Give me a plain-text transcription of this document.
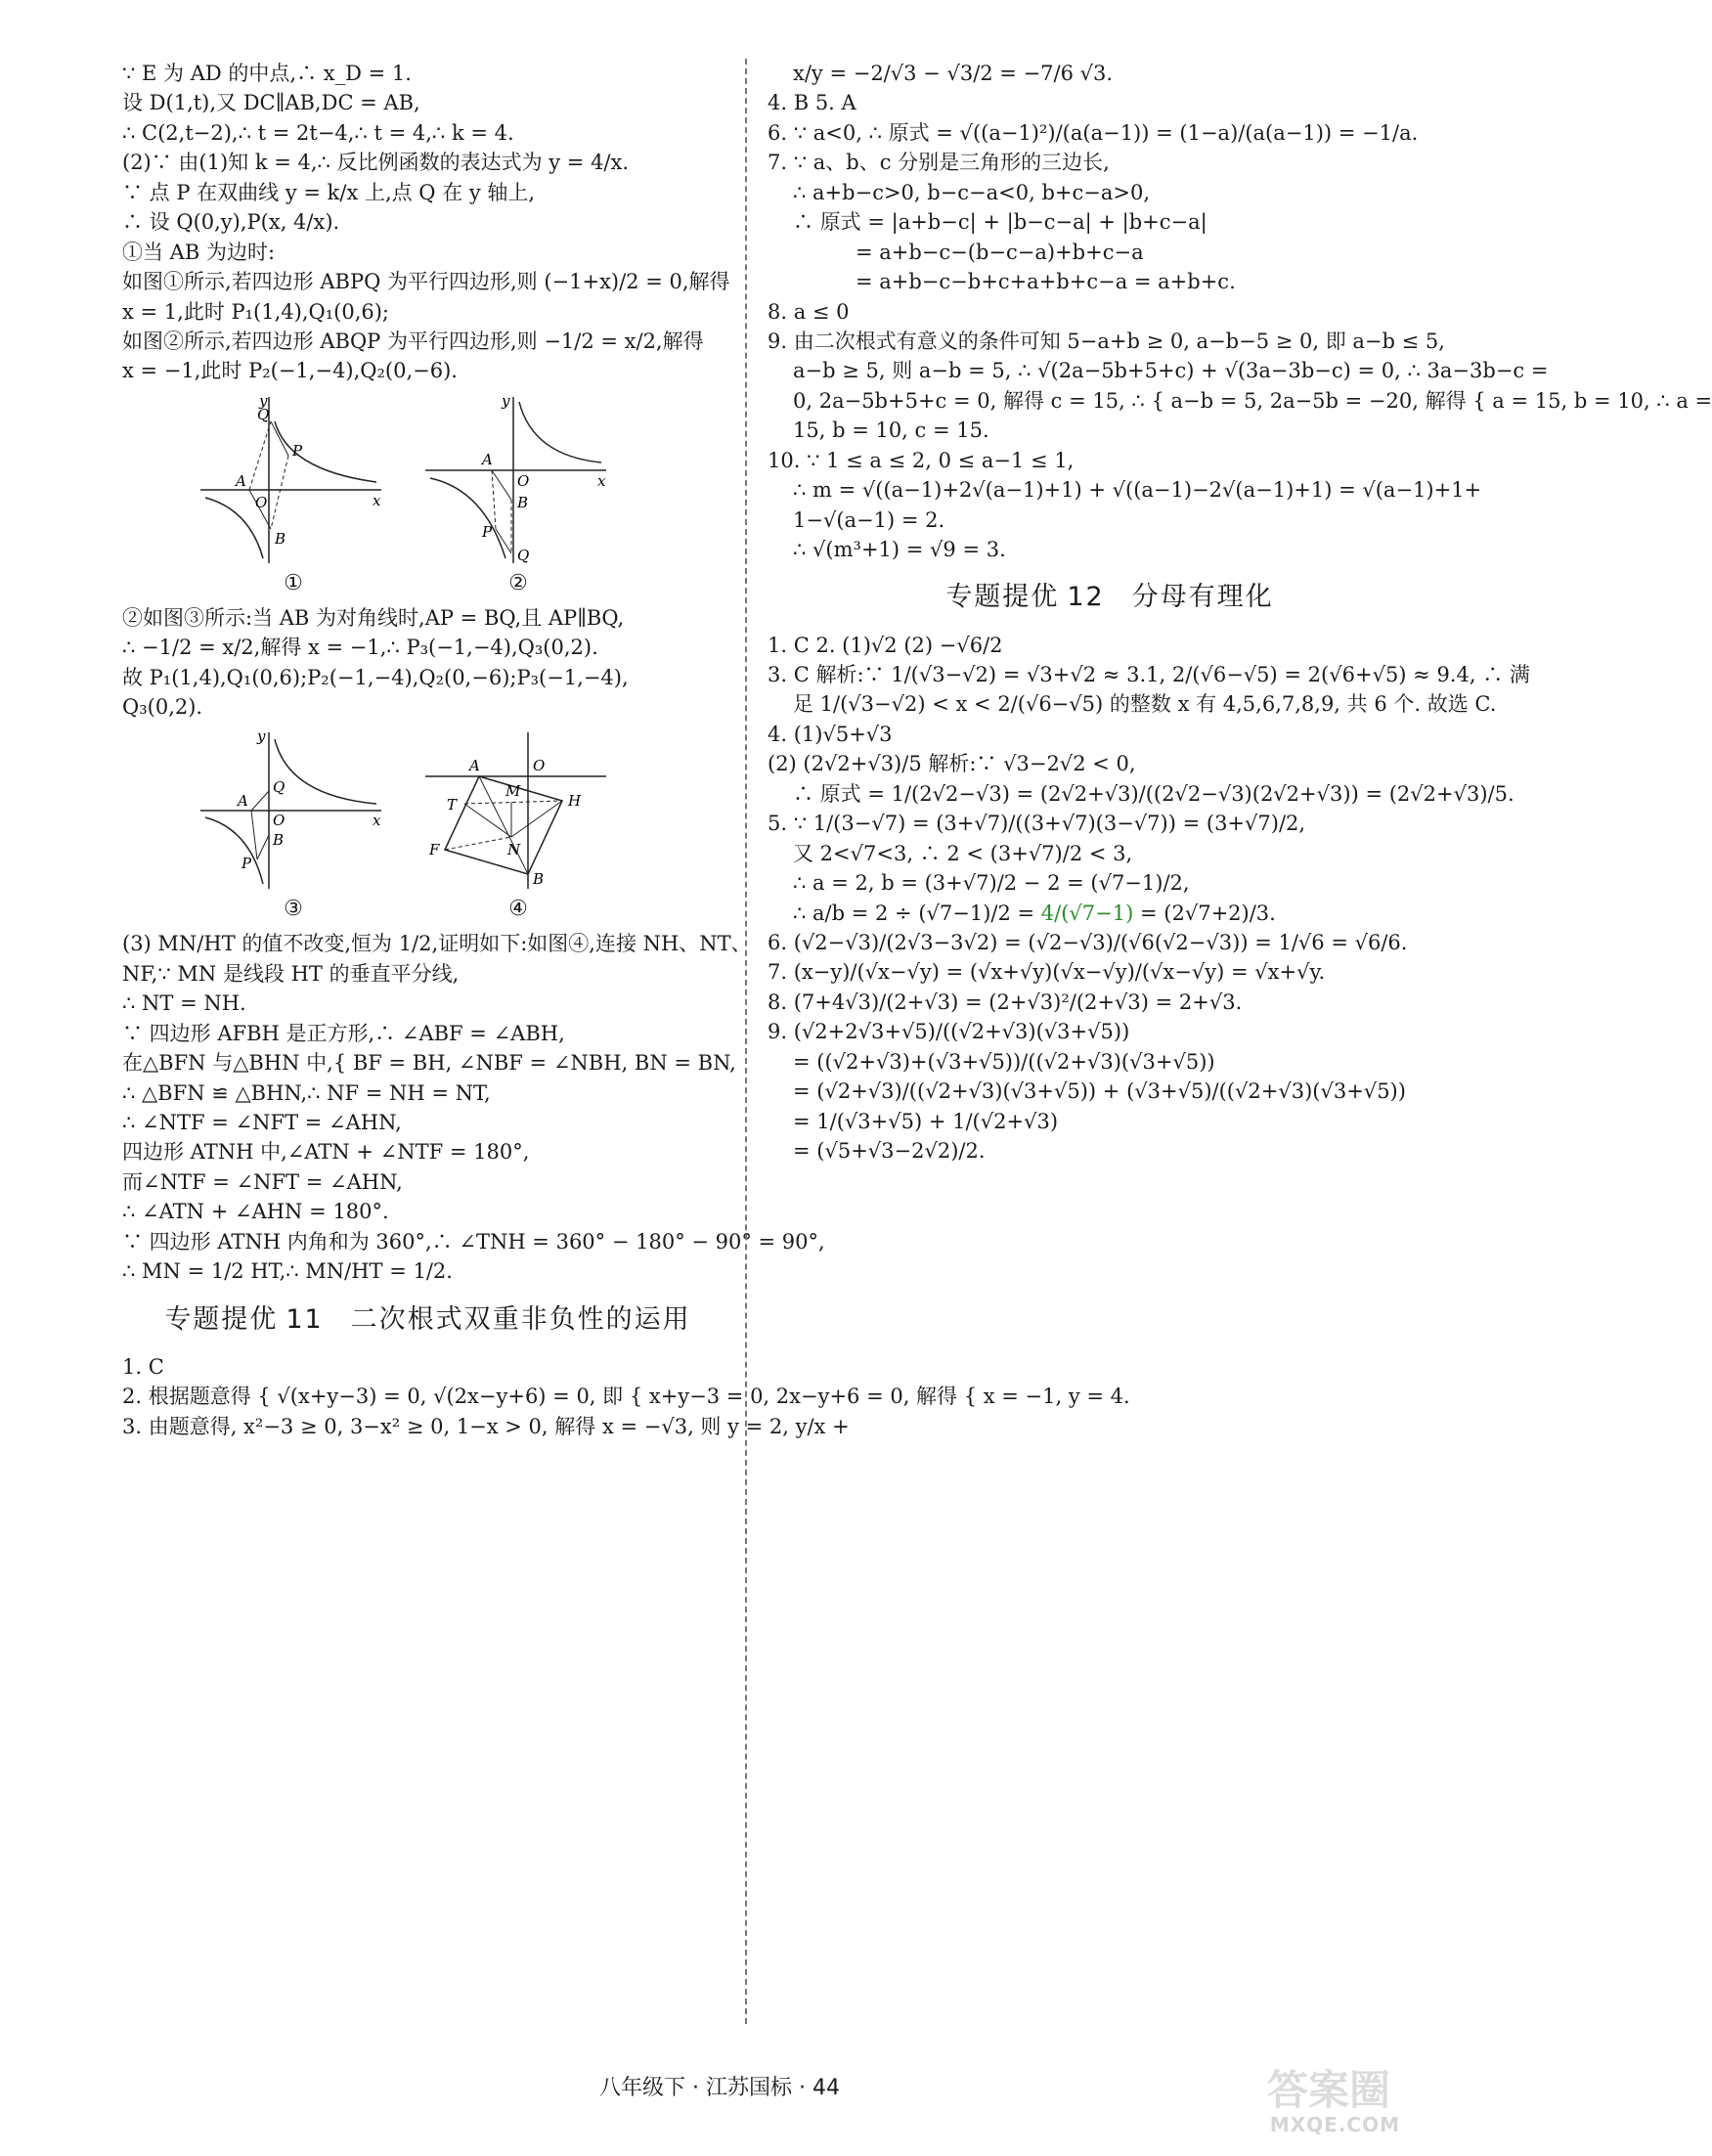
∵ E 为 AD 的中点,∴ x_D = 1.

设 D(1,t),又 DC∥AB,DC = AB,

∴ C(2,t−2),∴ t = 2t−4,∴ t = 4,∴ k = 4.

(2)∵ 由(1)知 k = 4,∴ 反比例函数的表达式为 y = 4/x.

∵ 点 P 在双曲线 y = k/x 上,点 Q 在 y 轴上,

∴ 设 Q(0,y),P(x, 4/x).

①当 AB 为边时:

如图①所示,若四边形 ABPQ 为平行四边形,则 (−1+x)/2 = 0,解得

x = 1,此时 P₁(1,4),Q₁(0,6);

如图②所示,若四边形 ABQP 为平行四边形,则 −1/2 = x/2,解得

x = −1,此时 P₂(−1,−4),Q₂(0,−6).

y
x
Q
P
A
O
B
①
y
x
A
O
B
P
Q
②

②如图③所示:当 AB 为对角线时,AP = BQ,且 AP∥BQ,

∴ −1/2 = x/2,解得 x = −1,∴ P₃(−1,−4),Q₃(0,2).

故 P₁(1,4),Q₁(0,6);P₂(−1,−4),Q₂(0,−6);P₃(−1,−4),

Q₃(0,2).

y
x
A
Q
O
B
P
③
A	O
T
M
H
F	N
B
④

(3) MN/HT 的值不改变,恒为 1/2,证明如下:如图④,连接 NH、NT、

NF,∵ MN 是线段 HT 的垂直平分线,

∴ NT = NH.

∵ 四边形 AFBH 是正方形,∴ ∠ABF = ∠ABH,

在△BFN 与△BHN 中,{ BF = BH, ∠NBF = ∠NBH, BN = BN,

∴ △BFN ≌ △BHN,∴ NF = NH = NT,

∴ ∠NTF = ∠NFT = ∠AHN,

四边形 ATNH 中,∠ATN + ∠NTF = 180°,

而∠NTF = ∠NFT = ∠AHN,

∴ ∠ATN + ∠AHN = 180°.

∵ 四边形 ATNH 内角和为 360°,∴ ∠TNH = 360° − 180° − 90° = 90°,

∴ MN = 1/2 HT,∴ MN/HT = 1/2.

专题提优 11 二次根式双重非负性的运用

1. C

2. 根据题意得 { √(x+y−3) = 0, √(2x−y+6) = 0, 即 { x+y−3 = 0, 2x−y+6 = 0, 解得 { x = −1, y = 4.

3. 由题意得, x²−3 ≥ 0, 3−x² ≥ 0, 1−x > 0, 解得 x = −√3, 则 y = 2, y/x +

x/y = −2/√3 − √3/2 = −7/6 √3.

4. B 5. A

6. ∵ a<0, ∴ 原式 = √((a−1)²)/(a(a−1)) = (1−a)/(a(a−1)) = −1/a.

7. ∵ a、b、c 分别是三角形的三边长,

∴ a+b−c>0, b−c−a<0, b+c−a>0,

∴ 原式 = |a+b−c| + |b−c−a| + |b+c−a|

= a+b−c−(b−c−a)+b+c−a

= a+b−c−b+c+a+b+c−a = a+b+c.

8. a ≤ 0

9. 由二次根式有意义的条件可知 5−a+b ≥ 0, a−b−5 ≥ 0, 即 a−b ≤ 5,

a−b ≥ 5, 则 a−b = 5, ∴ √(2a−5b+5+c) + √(3a−3b−c) = 0, ∴ 3a−3b−c =

0, 2a−5b+5+c = 0, 解得 c = 15, ∴ { a−b = 5, 2a−5b = −20, 解得 { a = 15, b = 10, ∴ a =

15, b = 10, c = 15.

10. ∵ 1 ≤ a ≤ 2, 0 ≤ a−1 ≤ 1,

∴ m = √((a−1)+2√(a−1)+1) + √((a−1)−2√(a−1)+1) = √(a−1)+1+

1−√(a−1) = 2.

∴ √(m³+1) = √9 = 3.

专题提优 12 分母有理化

1. C 2. (1)√2 (2) −√6/2

3. C 解析:∵ 1/(√3−√2) = √3+√2 ≈ 3.1, 2/(√6−√5) = 2(√6+√5) ≈ 9.4, ∴ 满

足 1/(√3−√2) < x < 2/(√6−√5) 的整数 x 有 4,5,6,7,8,9, 共 6 个. 故选 C.

4. (1)√5+√3

(2) (2√2+√3)/5 解析:∵ √3−2√2 < 0,

∴ 原式 = 1/(2√2−√3) = (2√2+√3)/((2√2−√3)(2√2+√3)) = (2√2+√3)/5.

5. ∵ 1/(3−√7) = (3+√7)/((3+√7)(3−√7)) = (3+√7)/2,

又 2<√7<3, ∴ 2 < (3+√7)/2 < 3,

∴ a = 2, b = (3+√7)/2 − 2 = (√7−1)/2,

∴ a/b = 2 ÷ (√7−1)/2 = 4/(√7−1) = (2√7+2)/3.

6. (√2−√3)/(2√3−3√2) = (√2−√3)/(√6(√2−√3)) = 1/√6 = √6/6.

7. (x−y)/(√x−√y) = (√x+√y)(√x−√y)/(√x−√y) = √x+√y.

8. (7+4√3)/(2+√3) = (2+√3)²/(2+√3) = 2+√3.

9. (√2+2√3+√5)/((√2+√3)(√3+√5))

= ((√2+√3)+(√3+√5))/((√2+√3)(√3+√5))

= (√2+√3)/((√2+√3)(√3+√5)) + (√3+√5)/((√2+√3)(√3+√5))

= 1/(√3+√5) + 1/(√2+√3)

= (√5+√3−2√2)/2.

八年级下 · 江苏国标 · 44	答案圈
MXQE.COM
